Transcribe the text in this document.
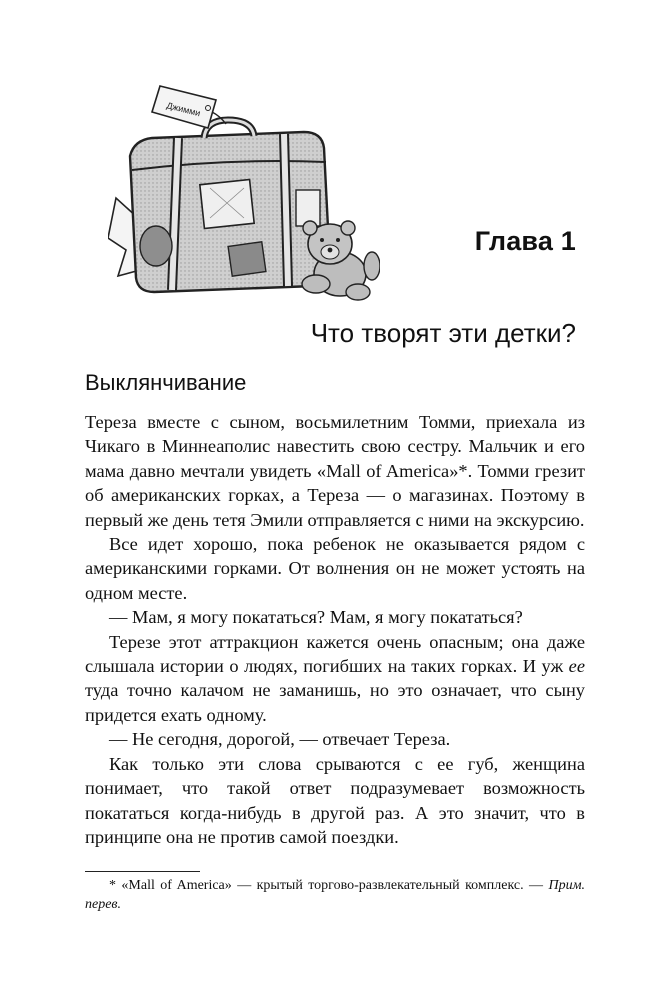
Джимми
Глава 1
Что творят эти детки?
Выклянчивание

Тереза вместе с сыном, восьмилетним Томми, приехала из Чикаго в Миннеаполис навестить свою сестру. Мальчик и его мама давно мечтали увидеть «Mall of America»*. Томми грезит об американских горках, а Тереза — о магазинах. Поэтому в первый же день тетя Эмили отправляется с ними на экскурсию.

Все идет хорошо, пока ребенок не оказывается рядом с американскими горками. От волнения он не может устоять на одном месте.

— Мам, я могу покататься? Мам, я могу покататься?

Терезе этот аттракцион кажется очень опасным; она даже слышала истории о людях, погибших на таких горках. И уж ее туда точно калачом не заманишь, но это означает, что сыну придется ехать одному.

— Не сегодня, дорогой, — отвечает Тереза.

Как только эти слова срываются с ее губ, женщина понимает, что такой ответ подразумевает возможность покататься когда-нибудь в другой раз. А это значит, что в принципе она не против самой поездки.

* «Mall of America» — крытый торгово-развлекательный комплекс. — Прим. перев.
